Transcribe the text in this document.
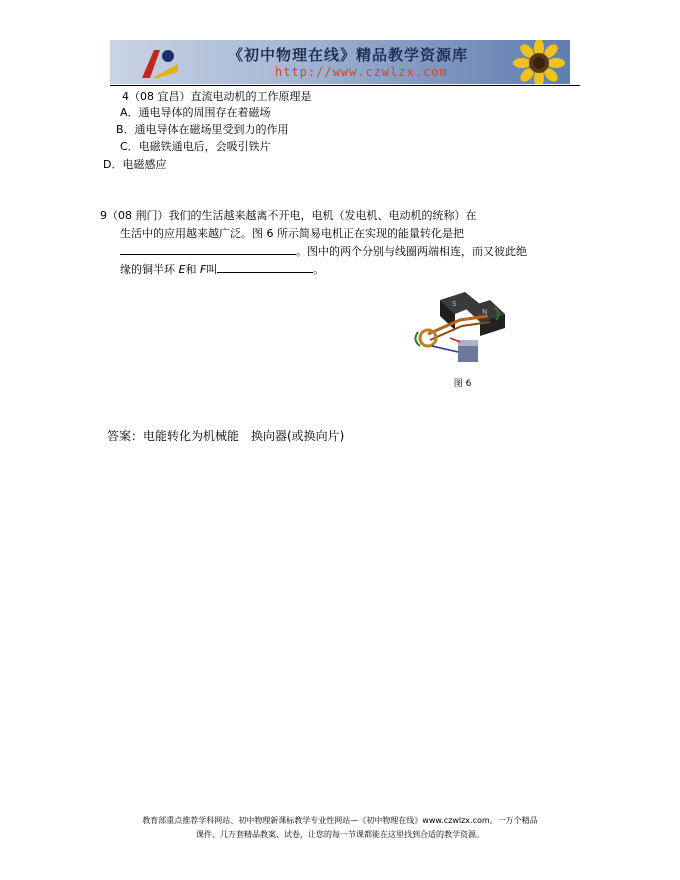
《初中物理在线》精品教学资源库
http://www.czwlzx.com
4（08 宜昌）直流电动机的工作原理是
A．通电导体的周围存在着磁场
B．通电导体在磁场里受到力的作用
C．电磁铁通电后，会吸引铁片
D．电磁感应
9（08 荆门）我们的生活越来越离不开电，电机（发电机、电动机的统称）在
生活中的应用越来越广泛。图 6 所示简易电机正在实现的能量转化是把
。图中的两个分别与线圈两端相连，而又彼此绝
缘的铜半环 E和 F叫	。
S
N
图 6
答案：电能转化为机械能　换向器(或换向片)
教育部重点推荐学科网站、初中物理新课标教学专业性网站—《初中物理在线》www.czwlzx.com。一万个精品
课件、几万套精品教案、试卷，让您的每一节课都能在这里找到合适的教学资源。
